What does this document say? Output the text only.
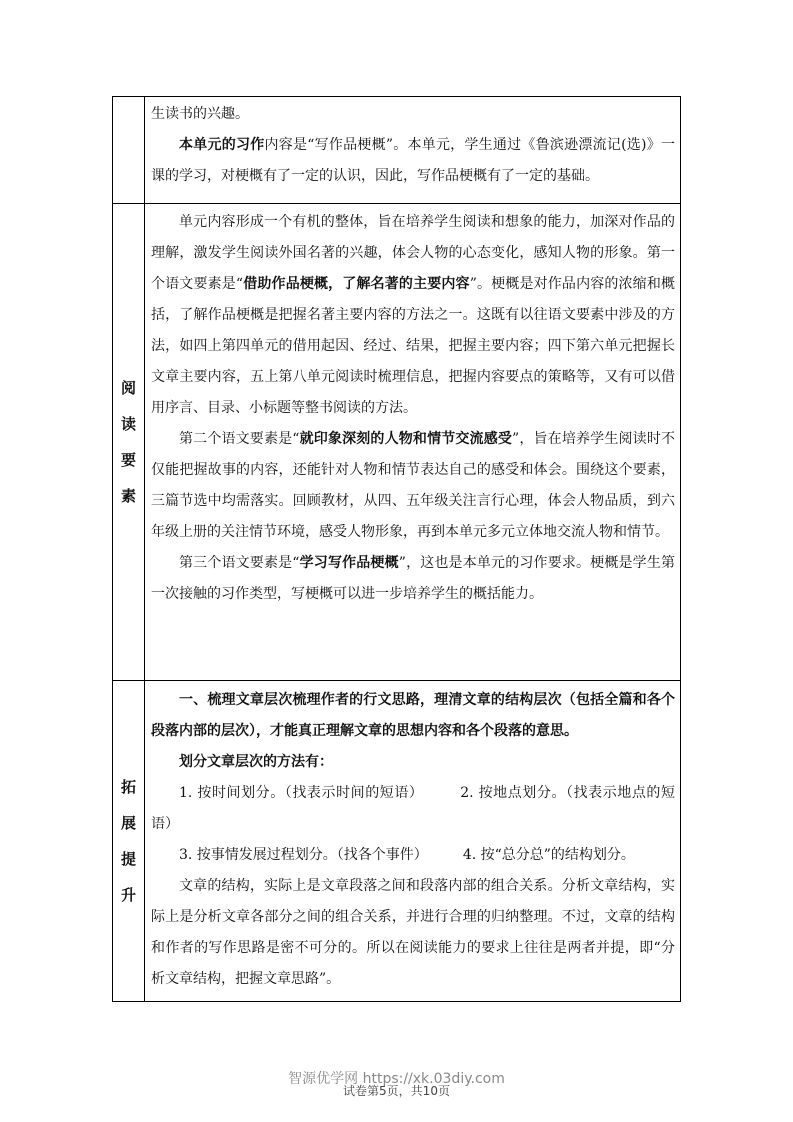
生读书的兴趣。

本单元的习作内容是“写作品梗概”。本单元，学生通过《鲁滨逊漂流记(选)》一课的学习，对梗概有了一定的认识，因此，写作品梗概有了一定的基础。

阅
读
要
素

单元内容形成一个有机的整体，旨在培养学生阅读和想象的能力，加深对作品的理解，激发学生阅读外国名著的兴趣，体会人物的心态变化，感知人物的形象。第一个语文要素是“借助作品梗概，了解名著的主要内容”。梗概是对作品内容的浓缩和概括，了解作品梗概是把握名著主要内容的方法之一。这既有以往语文要素中涉及的方法，如四上第四单元的借用起因、经过、结果，把握主要内容；四下第六单元把握长文章主要内容，五上第八单元阅读时梳理信息，把握内容要点的策略等，又有可以借用序言、目录、小标题等整书阅读的方法。

第二个语文要素是“就印象深刻的人物和情节交流感受”，旨在培养学生阅读时不仅能把握故事的内容，还能针对人物和情节表达自己的感受和体会。围绕这个要素，三篇节选中均需落实。回顾教材，从四、五年级关注言行心理，体会人物品质，到六年级上册的关注情节环境，感受人物形象，再到本单元多元立体地交流人物和情节。

第三个语文要素是“学习写作品梗概”，这也是本单元的习作要求。梗概是学生第一次接触的习作类型，写梗概可以进一步培养学生的概括能力。

拓
展
提
升

一、梳理文章层次梳理作者的行文思路，理清文章的结构层次（包括全篇和各个段落内部的层次），才能真正理解文章的思想内容和各个段落的意思。

划分文章层次的方法有：

1. 按时间划分。（找表示时间的短语）　　　	2. 按地点划分。（找表示地点的短语）

3. 按事情发展过程划分。（找各个事件）　　　	4. 按“总分总”的结构划分。

文章的结构，实际上是文章段落之间和段落内部的组合关系。分析文章结构，实际上是分析文章各部分之间的组合关系，并进行合理的归纳整理。不过，文章的结构和作者的写作思路是密不可分的。所以在阅读能力的要求上往往是两者并提，即“分析文章结构，把握文章思路”。

智源优学网 https://xk.03diy.com
试卷第5页，共10页
